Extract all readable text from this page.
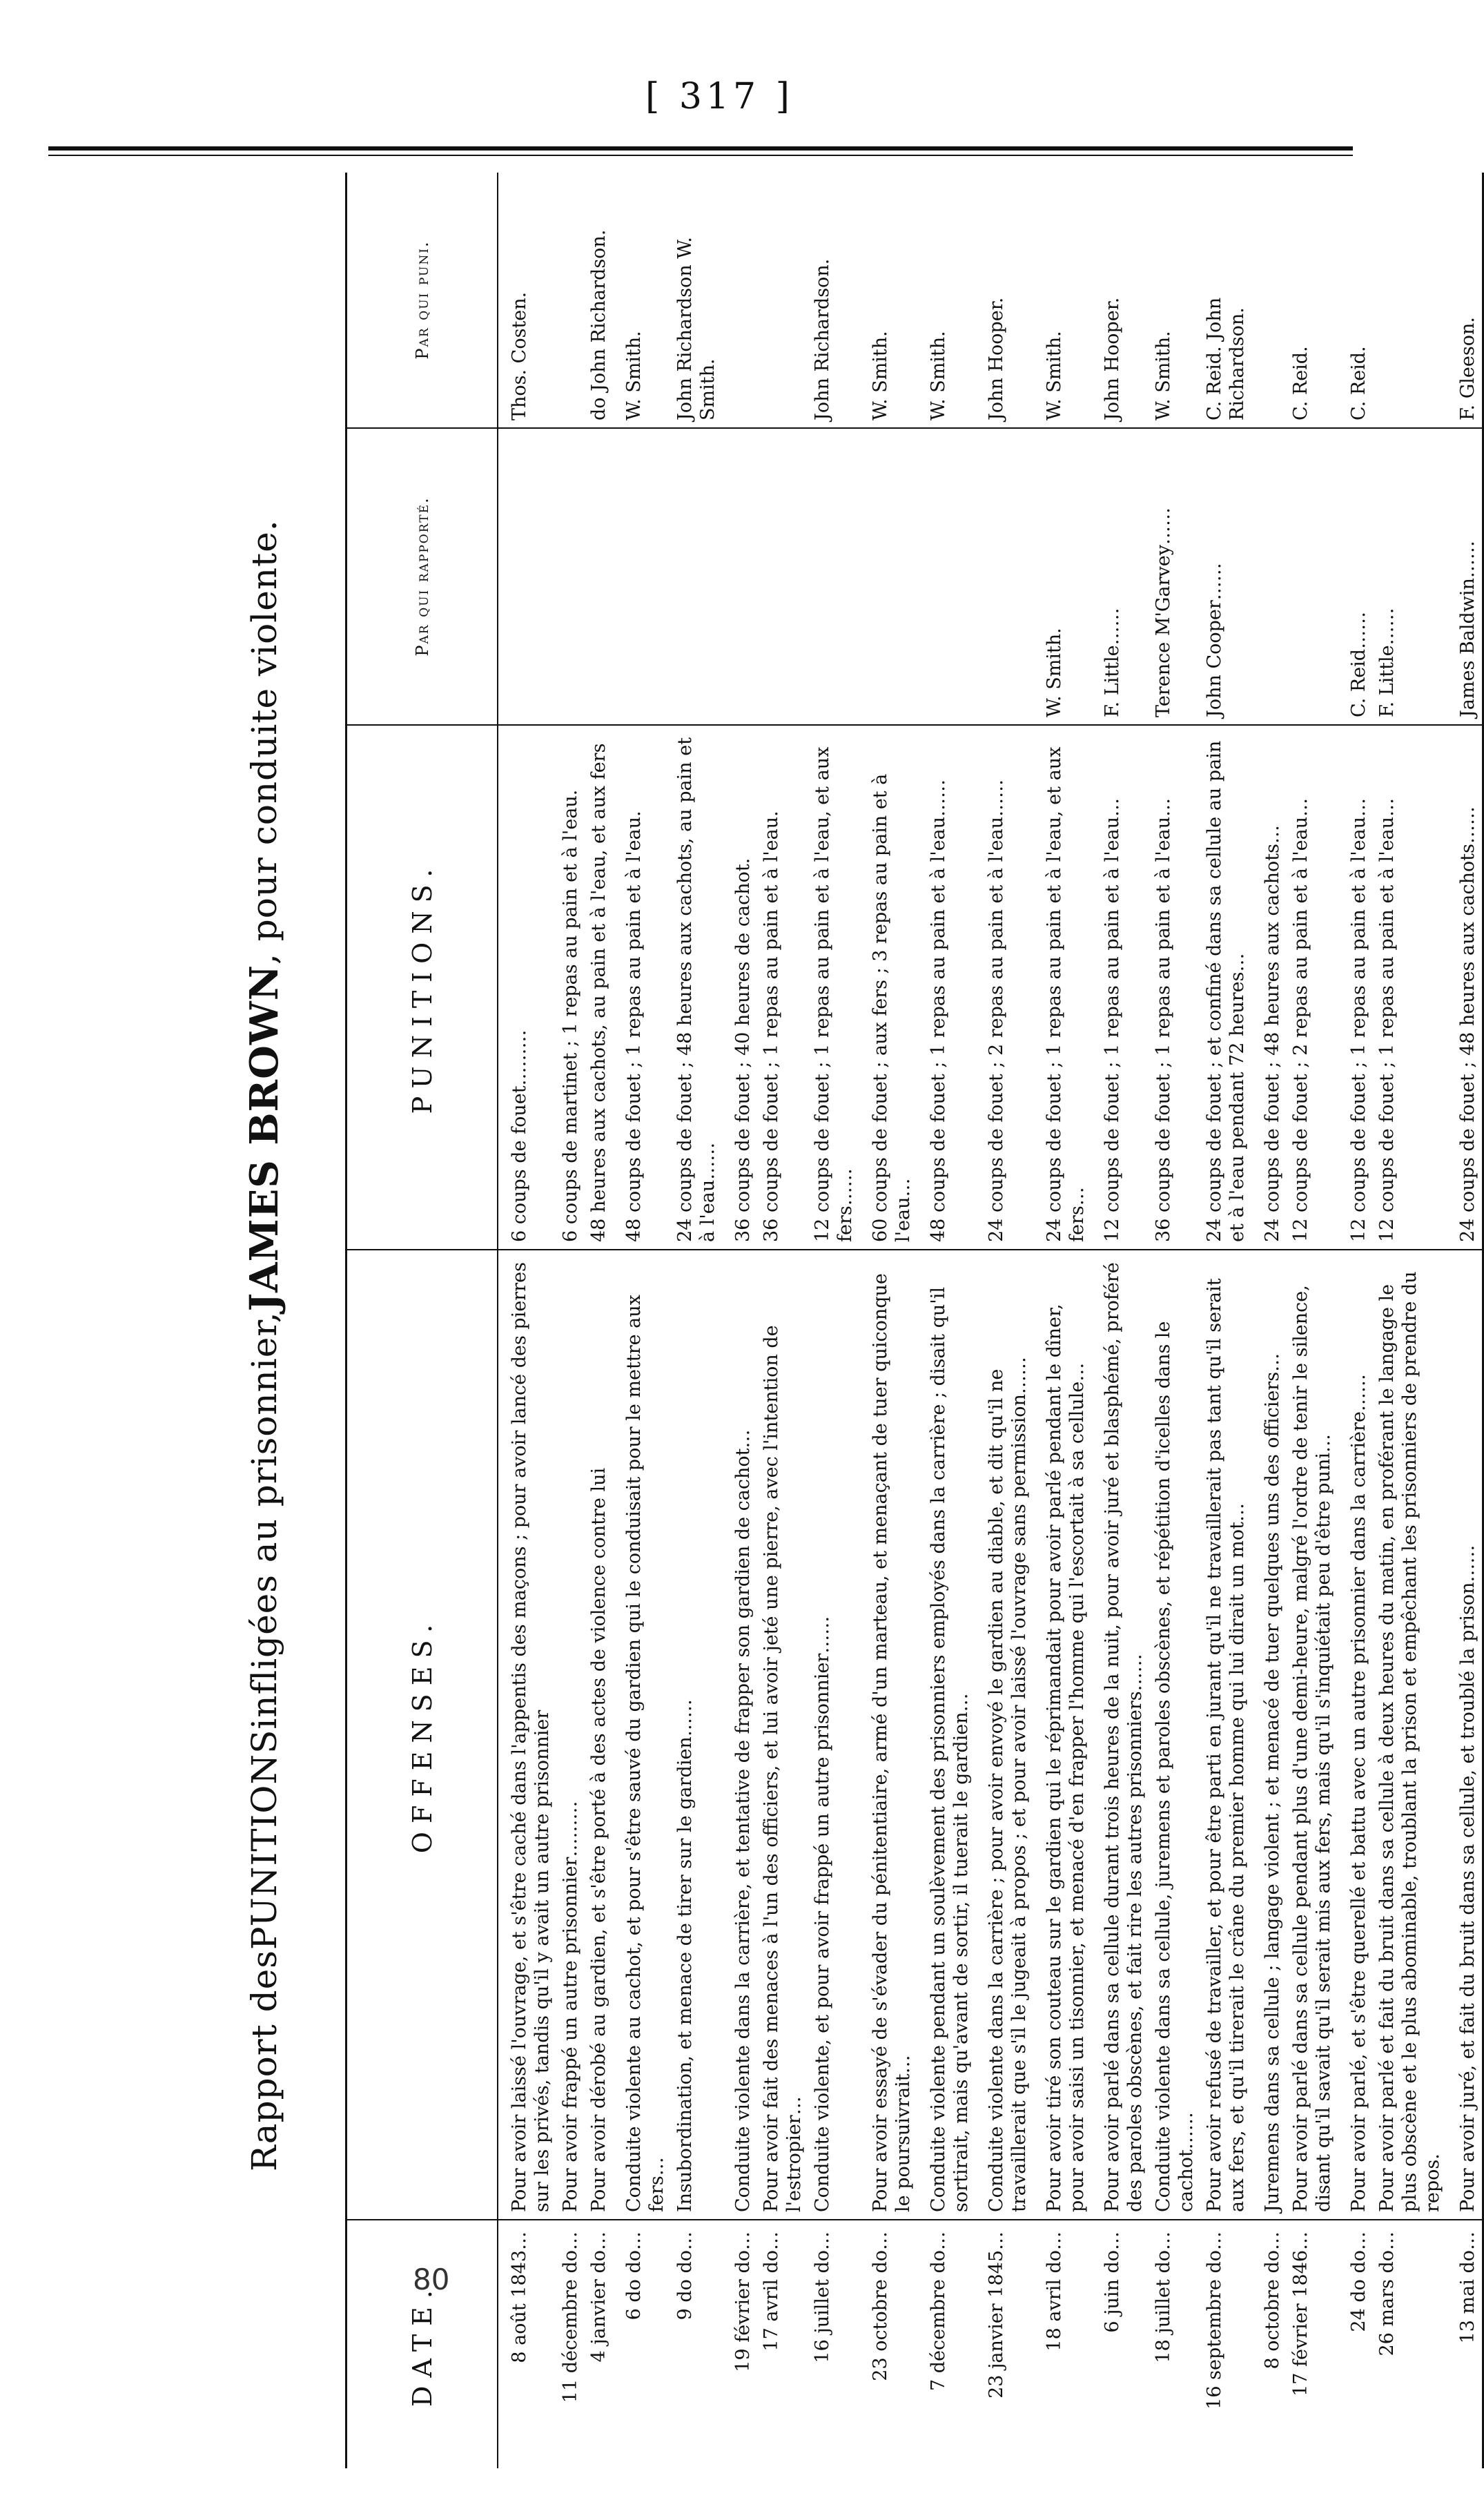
[ 317 ]
Rapport des
PUNITIONS
infligées au prisonnier,
JAMES BROWN
, pour conduite violente.
DATE.	OFFENSES.	PUNITIONS.	Par qui rapporté.	Par qui puni.
8 août 1843…	Pour avoir laissé l'ouvrage, et s'être caché dans l'appentis des maçons ; pour avoir lancé des pierres sur les privés, tandis qu'il y avait un autre prisonnier	6 coups de fouet………		Thos. Costen.
11 décembre do…	Pour avoir frappé un autre prisonnier………	6 coups de martinet ; 1 repas au pain et à l'eau.		
4 janvier do…	Pour avoir dérobé au gardien, et s'être porté à des actes de violence contre lui	48 heures aux cachots, au pain et à l'eau, et aux fers		do John Richardson.
6 do do…	Conduite violente au cachot, et pour s'être sauvé du gardien qui le conduisait pour le mettre aux fers…	48 coups de fouet ; 1 repas au pain et à l'eau.		W. Smith.
9 do do…	Insubordination, et menace de tirer sur le gardien……	24 coups de fouet ; 48 heures aux cachots, au pain et à l'eau……		John Richardson W. Smith.
19 février do…	Conduite violente dans la carrière, et tentative de frapper son gardien de cachot…	36 coups de fouet ; 40 heures de cachot.		
17 avril do…	Pour avoir fait des menaces à l'un des officiers, et lui avoir jeté une pierre, avec l'intention de l'estropier…	36 coups de fouet ; 1 repas au pain et à l'eau.		
16 juillet do…	Conduite violente, et pour avoir frappé un autre prisonnier……	12 coups de fouet ; 1 repas au pain et à l'eau, et aux fers……		John Richardson.
23 octobre do…	Pour avoir essayé de s'évader du pénitentiaire, armé d'un marteau, et menaçant de tuer quiconque le poursuivrait…	60 coups de fouet ; aux fers ; 3 repas au pain et à l'eau…		W. Smith.
7 décembre do…	Conduite violente pendant un soulèvement des prisonniers employés dans la carrière ; disait qu'il sortirait, mais qu'avant de sortir, il tuerait le gardien…	48 coups de fouet ; 1 repas au pain et à l'eau……		W. Smith.
23 janvier 1845…	Conduite violente dans la carrière ; pour avoir envoyé le gardien au diable, et dit qu'il ne travaillerait que s'il le jugeait à propos ; et pour avoir laissé l'ouvrage sans permission……	24 coups de fouet ; 2 repas au pain et à l'eau……		John Hooper.
18 avril do…	Pour avoir tiré son couteau sur le gardien qui le réprimandait pour avoir parlé pendant le dîner, pour avoir saisi un tisonnier, et menacé d'en frapper l'homme qui l'escortait à sa cellule…	24 coups de fouet ; 1 repas au pain et à l'eau, et aux fers…	W. Smith.	W. Smith.
6 juin do…	Pour avoir parlé dans sa cellule durant trois heures de la nuit, pour avoir juré et blasphémé, proféré des paroles obscènes, et fait rire les autres prisonniers……	12 coups de fouet ; 1 repas au pain et à l'eau…	F. Little……	John Hooper.
18 juillet do…	Conduite violente dans sa cellule, juremens et paroles obscènes, et répétition d'icelles dans le cachot……	36 coups de fouet ; 1 repas au pain et à l'eau…	Terence M'Garvey……	W. Smith.
16 septembre do…	Pour avoir refusé de travailler, et pour être parti en jurant qu'il ne travaillerait pas tant qu'il serait aux fers, et qu'il tirerait le crâne du premier homme qui lui dirait un mot…	24 coups de fouet ; et confiné dans sa cellule au pain et à l'eau pendant 72 heures…	John Cooper……	C. Reid. John Richardson.
8 octobre do…	Juremens dans sa cellule ; langage violent ; et menacé de tuer quelques uns des officiers…	24 coups de fouet ; 48 heures aux cachots…		
17 février 1846…	Pour avoir parlé dans sa cellule pendant plus d'une demi-heure, malgré l'ordre de tenir le silence, disant qu'il savait qu'il serait mis aux fers, mais qu'il s'inquiétait peu d'être puni…	12 coups de fouet ; 2 repas au pain et à l'eau…		C. Reid.
24 do do…	Pour avoir parlé, et s'être querellé et battu avec un autre prisonnier dans la carrière……	12 coups de fouet ; 1 repas au pain et à l'eau…	C. Reid……	C. Reid.
26 mars do…	Pour avoir parlé et fait du bruit dans sa cellule à deux heures du matin, en proférant le langage le plus obscène et le plus abominable, troublant la prison et empêchant les prisonniers de prendre du repos.	12 coups de fouet ; 1 repas au pain et à l'eau…	F. Little……	
13 mai do…	Pour avoir juré, et fait du bruit dans sa cellule, et troublé la prison……	24 coups de fouet ; 48 heures aux cachots……	James Baldwin……	F. Gleeson.
80
